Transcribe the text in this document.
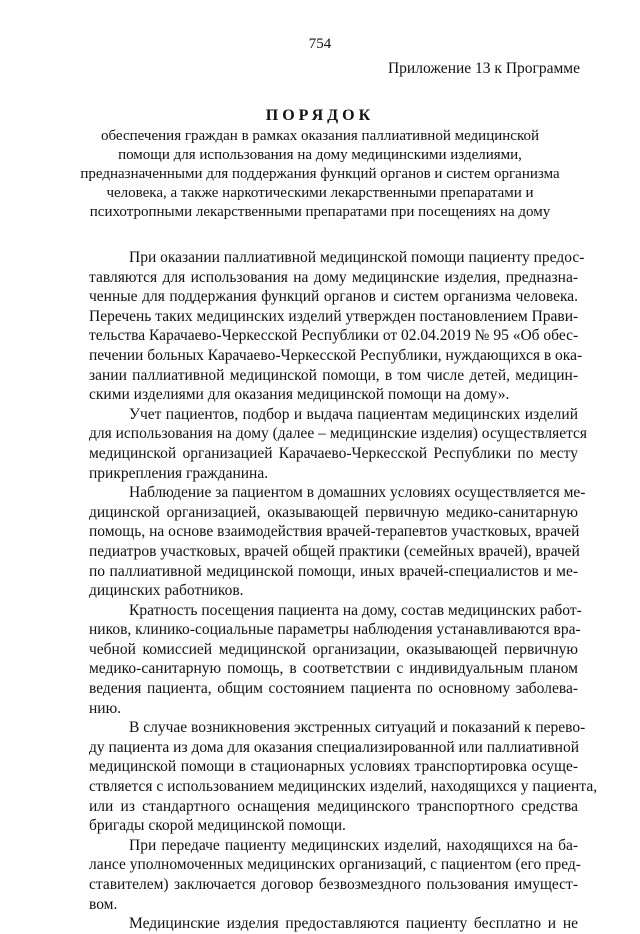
754
Приложение 13 к Программе
ПОРЯДОК
обеспечения граждан в рамках оказания паллиативной медицинской
помощи для использования на дому медицинскими изделиями,
предназначенными для поддержания функций органов и систем организма
человека, а также наркотическими лекарственными препаратами и
психотропными лекарственными препаратами при посещениях на дому
При оказании паллиативной медицинской помощи пациенту предос-
тавляются для использования на дому медицинские изделия, предназна-
ченные для поддержания функций органов и систем организма человека.
Перечень таких медицинских изделий утвержден постановлением Прави-
тельства Карачаево-Черкесской Республики от 02.04.2019 № 95 «Об обес-
печении больных Карачаево-Черкесской Республики, нуждающихся в ока-
зании паллиативной медицинской помощи, в том числе детей, медицин-
скими изделиями для оказания медицинской помощи на дому».
Учет пациентов, подбор и выдача пациентам медицинских изделий
для использования на дому (далее – медицинские изделия) осуществляется
медицинской организацией Карачаево-Черкесской Республики по месту
прикрепления гражданина.
Наблюдение за пациентом в домашних условиях осуществляется ме-
дицинской организацией, оказывающей первичную медико-санитарную
помощь, на основе взаимодействия врачей-терапевтов участковых, врачей
педиатров участковых, врачей общей практики (семейных врачей), врачей
по паллиативной медицинской помощи, иных врачей-специалистов и ме-
дицинских работников.
Кратность посещения пациента на дому, состав медицинских работ-
ников, клинико-социальные параметры наблюдения устанавливаются вра-
чебной комиссией медицинской организации, оказывающей первичную
медико-санитарную помощь, в соответствии с индивидуальным планом
ведения пациента, общим состоянием пациента по основному заболева-
нию.
В случае возникновения экстренных ситуаций и показаний к перево-
ду пациента из дома для оказания специализированной или паллиативной
медицинской помощи в стационарных условиях транспортировка осуще-
ствляется с использованием медицинских изделий, находящихся у пациента,
или из стандартного оснащения медицинского транспортного средства
бригады скорой медицинской помощи.
При передаче пациенту медицинских изделий, находящихся на ба-
лансе уполномоченных медицинских организаций, с пациентом (его пред-
ставителем) заключается договор безвозмездного пользования имущест-
вом.
Медицинские изделия предоставляются пациенту бесплатно и не
